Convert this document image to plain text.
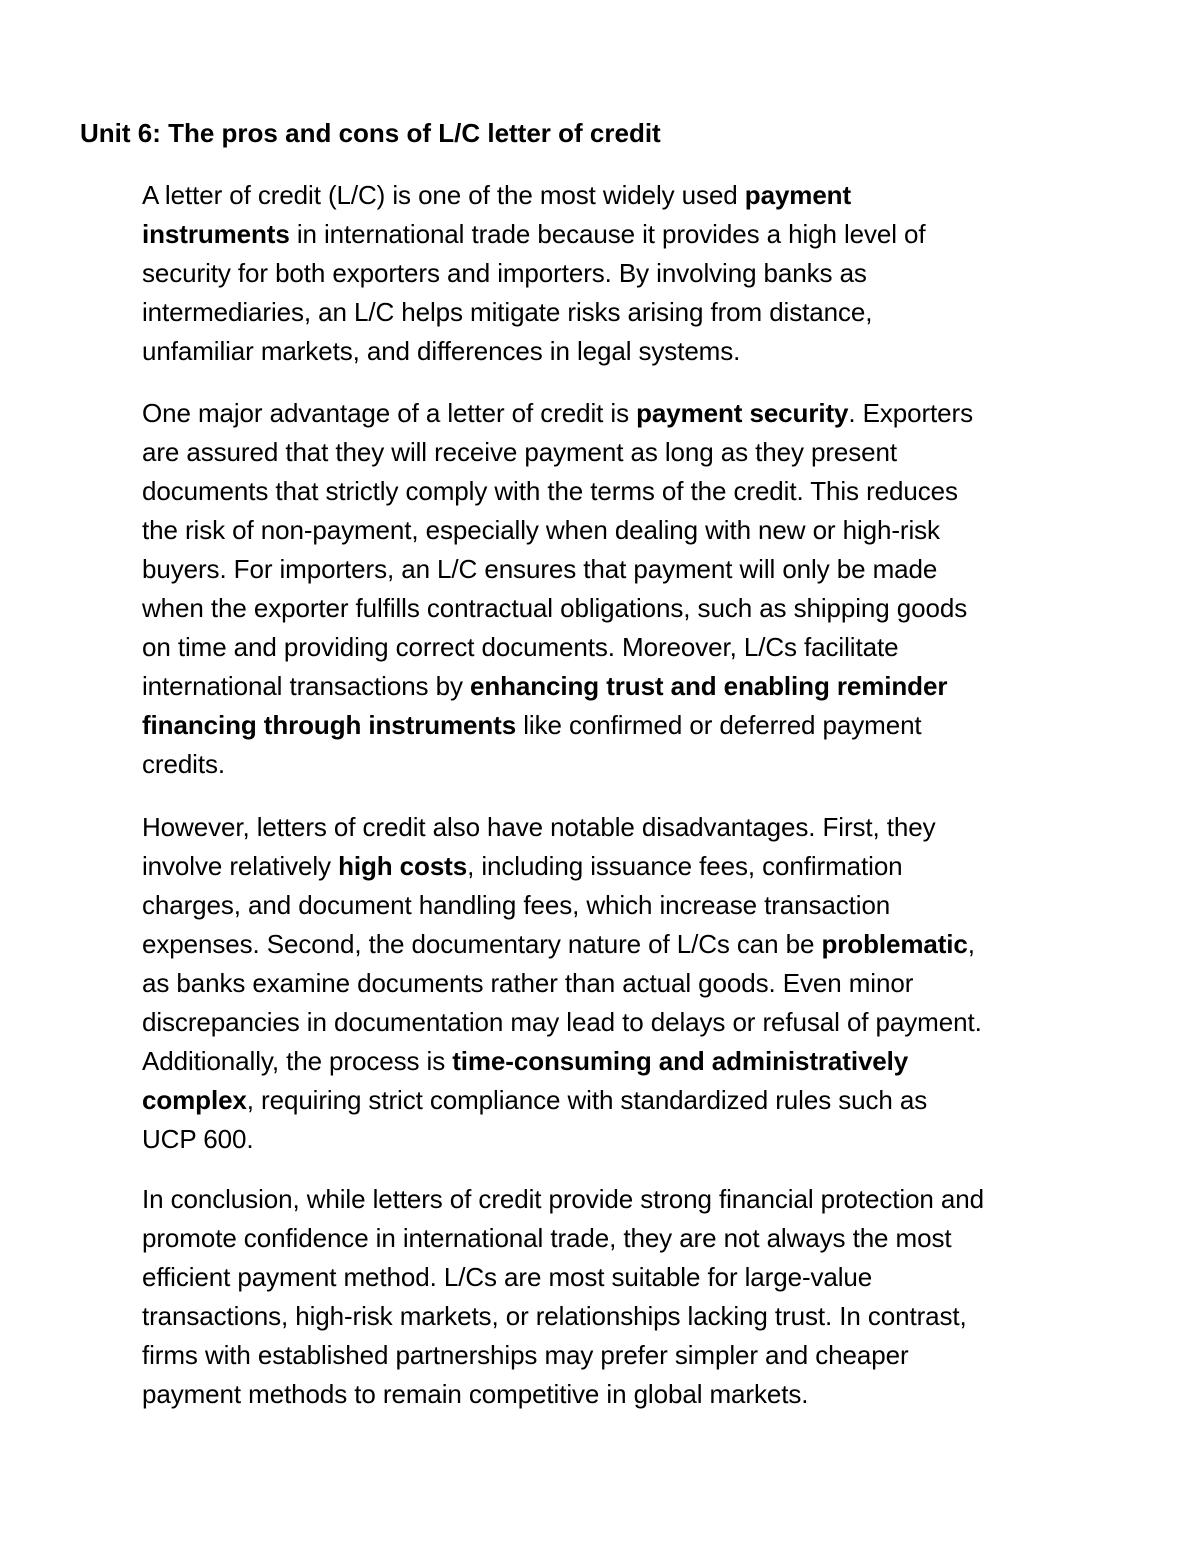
Unit 6: The pros and cons of L/C letter of credit

A letter of credit (L/C) is one of the most widely used payment
instruments in international trade because it provides a high level of
security for both exporters and importers. By involving banks as
intermediaries, an L/C helps mitigate risks arising from distance,
unfamiliar markets, and differences in legal systems.

One major advantage of a letter of credit is payment security. Exporters
are assured that they will receive payment as long as they present
documents that strictly comply with the terms of the credit. This reduces
the risk of non-payment, especially when dealing with new or high-risk
buyers. For importers, an L/C ensures that payment will only be made
when the exporter fulfills contractual obligations, such as shipping goods
on time and providing correct documents. Moreover, L/Cs facilitate
international transactions by enhancing trust and enabling reminder
financing through instruments like confirmed or deferred payment
credits.

However, letters of credit also have notable disadvantages. First, they
involve relatively high costs, including issuance fees, confirmation
charges, and document handling fees, which increase transaction
expenses. Second, the documentary nature of L/Cs can be problematic,
as banks examine documents rather than actual goods. Even minor
discrepancies in documentation may lead to delays or refusal of payment.
Additionally, the process is time-consuming and administratively
complex, requiring strict compliance with standardized rules such as
UCP 600.

In conclusion, while letters of credit provide strong financial protection and
promote confidence in international trade, they are not always the most
efficient payment method. L/Cs are most suitable for large-value
transactions, high-risk markets, or relationships lacking trust. In contrast,
firms with established partnerships may prefer simpler and cheaper
payment methods to remain competitive in global markets.
